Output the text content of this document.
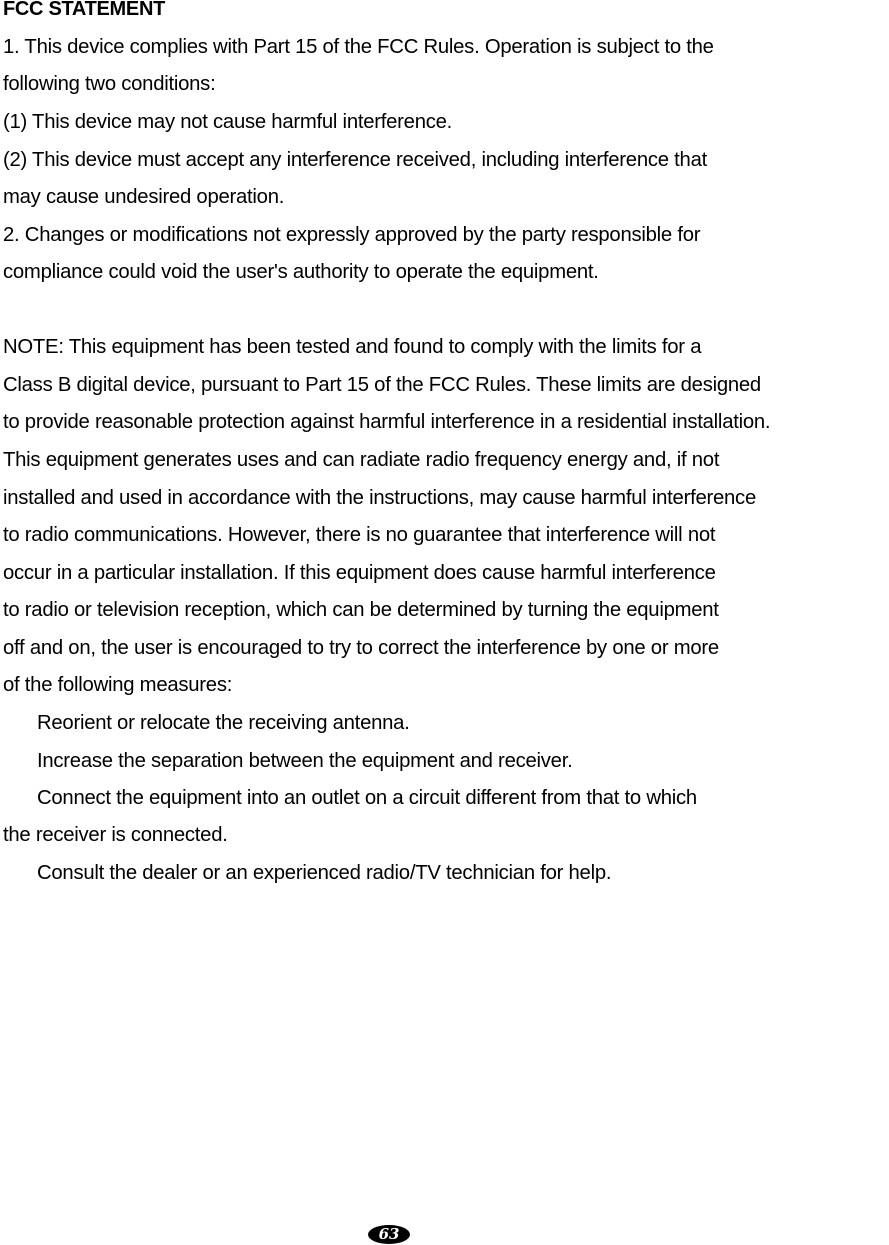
FCC STATEMENT
1. This device complies with Part 15 of the FCC Rules. Operation is subject to the
following two conditions:
(1) This device may not cause harmful interference.
(2) This device must accept any interference received, including interference that
may cause undesired operation.
2. Changes or modifications not expressly approved by the party responsible for
compliance could void the user's authority to operate the equipment.
NOTE: This equipment has been tested and found to comply with the limits for a
Class B digital device, pursuant to Part 15 of the FCC Rules. These limits are designed
to provide reasonable protection against harmful interference in a residential installation.
This equipment generates uses and can radiate radio frequency energy and, if not
installed and used in accordance with the instructions, may cause harmful interference
to radio communications. However, there is no guarantee that interference will not
occur in a particular installation. If this equipment does cause harmful interference
to radio or television reception, which can be determined by turning the equipment
off and on, the user is encouraged to try to correct the interference by one or more
of the following measures:
Reorient or relocate the receiving antenna.
Increase the separation between the equipment and receiver.
Connect the equipment into an outlet on a circuit different from that to which
the receiver is connected.
Consult the dealer or an experienced radio/TV technician for help.
63
